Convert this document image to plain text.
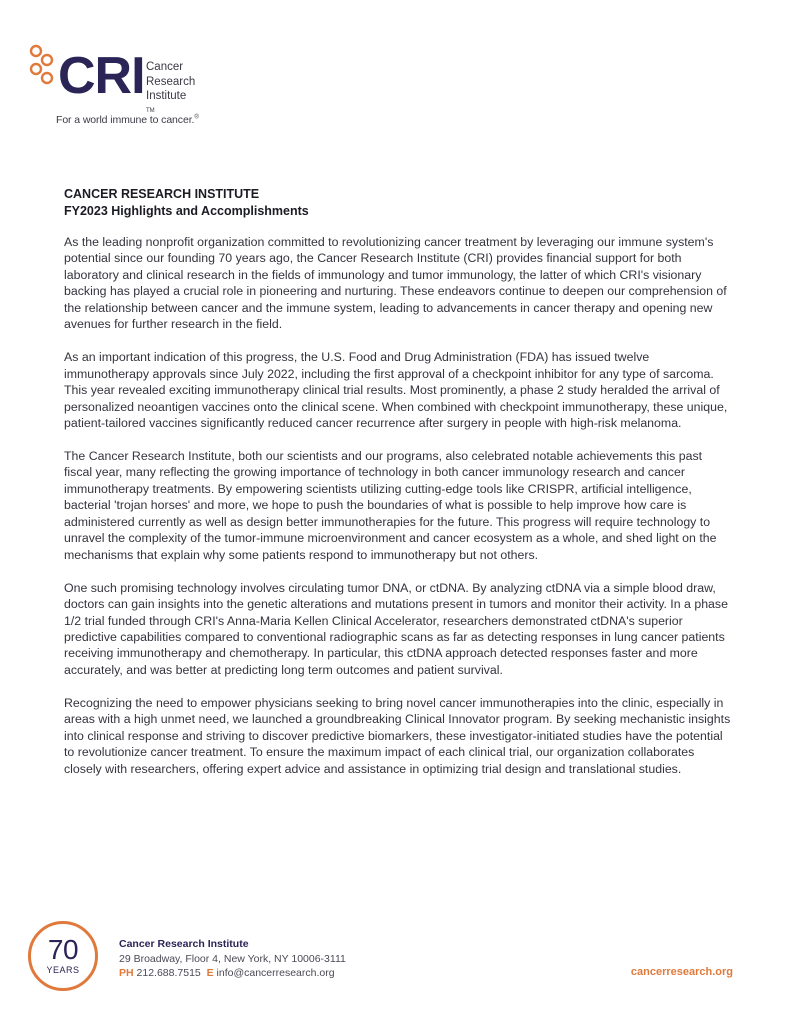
CRI Cancer
Research
Institute
™
For a world immune to cancer.®
CANCER RESEARCH INSTITUTE
FY2023 Highlights and Accomplishments

As the leading nonprofit organization committed to revolutionizing cancer treatment by leveraging our immune system's potential since our founding 70 years ago, the Cancer Research Institute (CRI) provides financial support for both laboratory and clinical research in the fields of immunology and tumor immunology, the latter of which CRI's visionary backing has played a crucial role in pioneering and nurturing. These endeavors continue to deepen our comprehension of the relationship between cancer and the immune system, leading to advancements in cancer therapy and opening new avenues for further research in the field.

As an important indication of this progress, the U.S. Food and Drug Administration (FDA) has issued twelve immunotherapy approvals since July 2022, including the first approval of a checkpoint inhibitor for any type of sarcoma. This year revealed exciting immunotherapy clinical trial results. Most prominently, a phase 2 study heralded the arrival of personalized neoantigen vaccines onto the clinical scene. When combined with checkpoint immunotherapy, these unique, patient-tailored vaccines significantly reduced cancer recurrence after surgery in people with high-risk melanoma.

The Cancer Research Institute, both our scientists and our programs, also celebrated notable achievements this past fiscal year, many reflecting the growing importance of technology in both cancer immunology research and cancer immunotherapy treatments. By empowering scientists utilizing cutting-edge tools like CRISPR, artificial intelligence, bacterial 'trojan horses' and more, we hope to push the boundaries of what is possible to help improve how care is administered currently as well as design better immunotherapies for the future. This progress will require technology to unravel the complexity of the tumor-immune microenvironment and cancer ecosystem as a whole, and shed light on the mechanisms that explain why some patients respond to immunotherapy but not others.

One such promising technology involves circulating tumor DNA, or ctDNA. By analyzing ctDNA via a simple blood draw, doctors can gain insights into the genetic alterations and mutations present in tumors and monitor their activity. In a phase 1/2 trial funded through CRI's Anna-Maria Kellen Clinical Accelerator, researchers demonstrated ctDNA's superior predictive capabilities compared to conventional radiographic scans as far as detecting responses in lung cancer patients receiving immunotherapy and chemotherapy. In particular, this ctDNA approach detected responses faster and more accurately, and was better at predicting long term outcomes and patient survival.

Recognizing the need to empower physicians seeking to bring novel cancer immunotherapies into the clinic, especially in areas with a high unmet need, we launched a groundbreaking Clinical Innovator program. By seeking mechanistic insights into clinical response and striving to discover predictive biomarkers, these investigator-initiated studies have the potential to revolutionize cancer treatment. To ensure the maximum impact of each clinical trial, our organization collaborates closely with researchers, offering expert advice and assistance in optimizing trial design and translational studies.

70
YEARS
Cancer Research Institute
29 Broadway, Floor 4, New York, NY 10006-3111
PH 212.688.7515 E info@cancerresearch.org	cancerresearch.org
